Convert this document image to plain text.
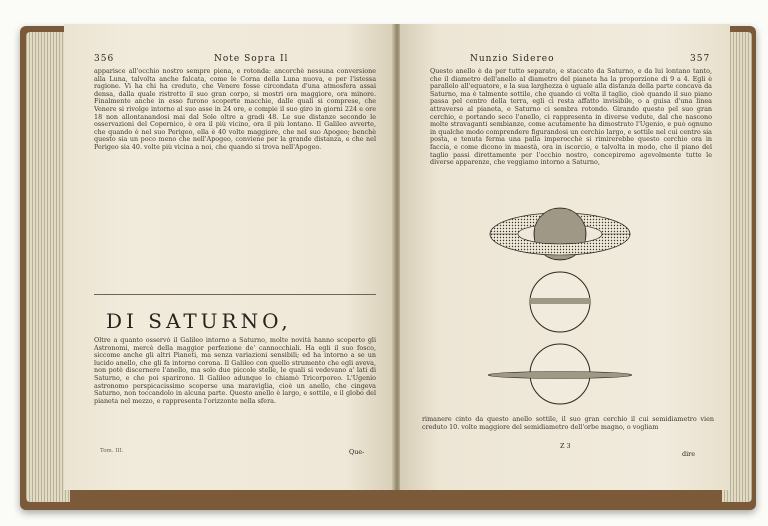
356	Note Sopra Il

apparisce all'occhio nostro sempre piena, e rotonda: ancorchè nessuna conversione alla Luna, talvolta anche falcata, come le Corna della Luna nuova, e per l'istessa ragione. Vi ha chi ha creduto, che Venere fosse circondata d'una atmosfera assai densa, dalla quale ristretto il suo gran corpo, si mostri ora maggiore, ora minore. Finalmente anche in esso furono scoperte macchie, dalle quali si comprese, che Venere si rivolge intorno al suo asse in 24 ore, e compie il suo giro in giorni 224 e ore 18 non allontanandosi mai dal Sole oltre a gradi 48. Le sue distanze secondo le osservazioni del Copernico, è ora il più vicino, ora il più lontano. Il Galileo avverte, che quando è nel suo Perigeo, ella è 40 volte maggiore, che nel suo Apogeo; benchè questo sia un poco meno che nell'Apogeo, conviene per la grande distanza, e che nel Perigeo sia 40. volte più vicina a noi, che quando si trova nell'Apogeo.

DI SATURNO,

Oltre a quanto osservò il Galileo intorno a Saturno, molte novità hanno scoperto gli Astronomi, mercè della maggior perfezione de' cannocchiali. Ha egli il suo fosco, siccome anche gli altri Pianeti, ma senza variazioni sensibili; ed ha intorno a se un lucido anello, che gli fa intorno corona. Il Galileo con quello strumento che egli aveva, non potè discernere l'anello, ma solo due piccole stelle, le quali si vedevano a' lati di Saturno, e che poi sparirono. Il Galileo adunque lo chiamò Tricorporeo. L'Ugenio astronomo perspicacissimo scoperse una maraviglia, cioè un anello, che cingeva Saturno, non toccandolo in alcuna parte. Questo anello è largo, e sottile, e il globo del pianeta nel mezzo, e rappresenta l'orizzonte nella sfera.

Tom. III.	Que-
Nunzio Sidereo	357

Questo anello è da per tutto separato, e staccato da Saturno, e da lui lontano tanto, che il diametro dell'anello al diametro del pianeta ha la proporzione di 9 a 4. Egli è parallelo all'equatore, e la sua larghezza è uguale alla distanza della parte concava da Saturno, ma è talmente sottile, che quando ci volta il taglio, cioè quando il suo piano passa pel centro della terra, egli ci resta affatto invisibile, o a guisa d'una linea attraverso al pianeta, e Saturno ci sembra rotondo. Girando questo pel suo gran cerchio, e portando seco l'anello, ci rappresenta in diverse vedute, dal che nascono molte stravaganti sembianze, come acutamente ha dimostrato l'Ugenio, e può ognuno in qualche modo comprendere figurandosi un cerchio largo, e sottile nel cui centro sia posta, e tenuta ferma una palla imperocchè si rimirerebbe questo cerchio ora in faccia, e come dicono in maestà, ora in iscorcio, e talvolta in modo, che il piano del taglio passi direttamente per l'occhio nostro, concepiremo agevolmente tutte le diverse apparenze, che veggiamo intorno a Saturno,

rimanere cinto da questo anello sottile, il suo gran cerchio il cui semidiametro vien creduto 10. volte maggiore del semidiametro dell'orbe magno, o vogliam

Z 3
dire
